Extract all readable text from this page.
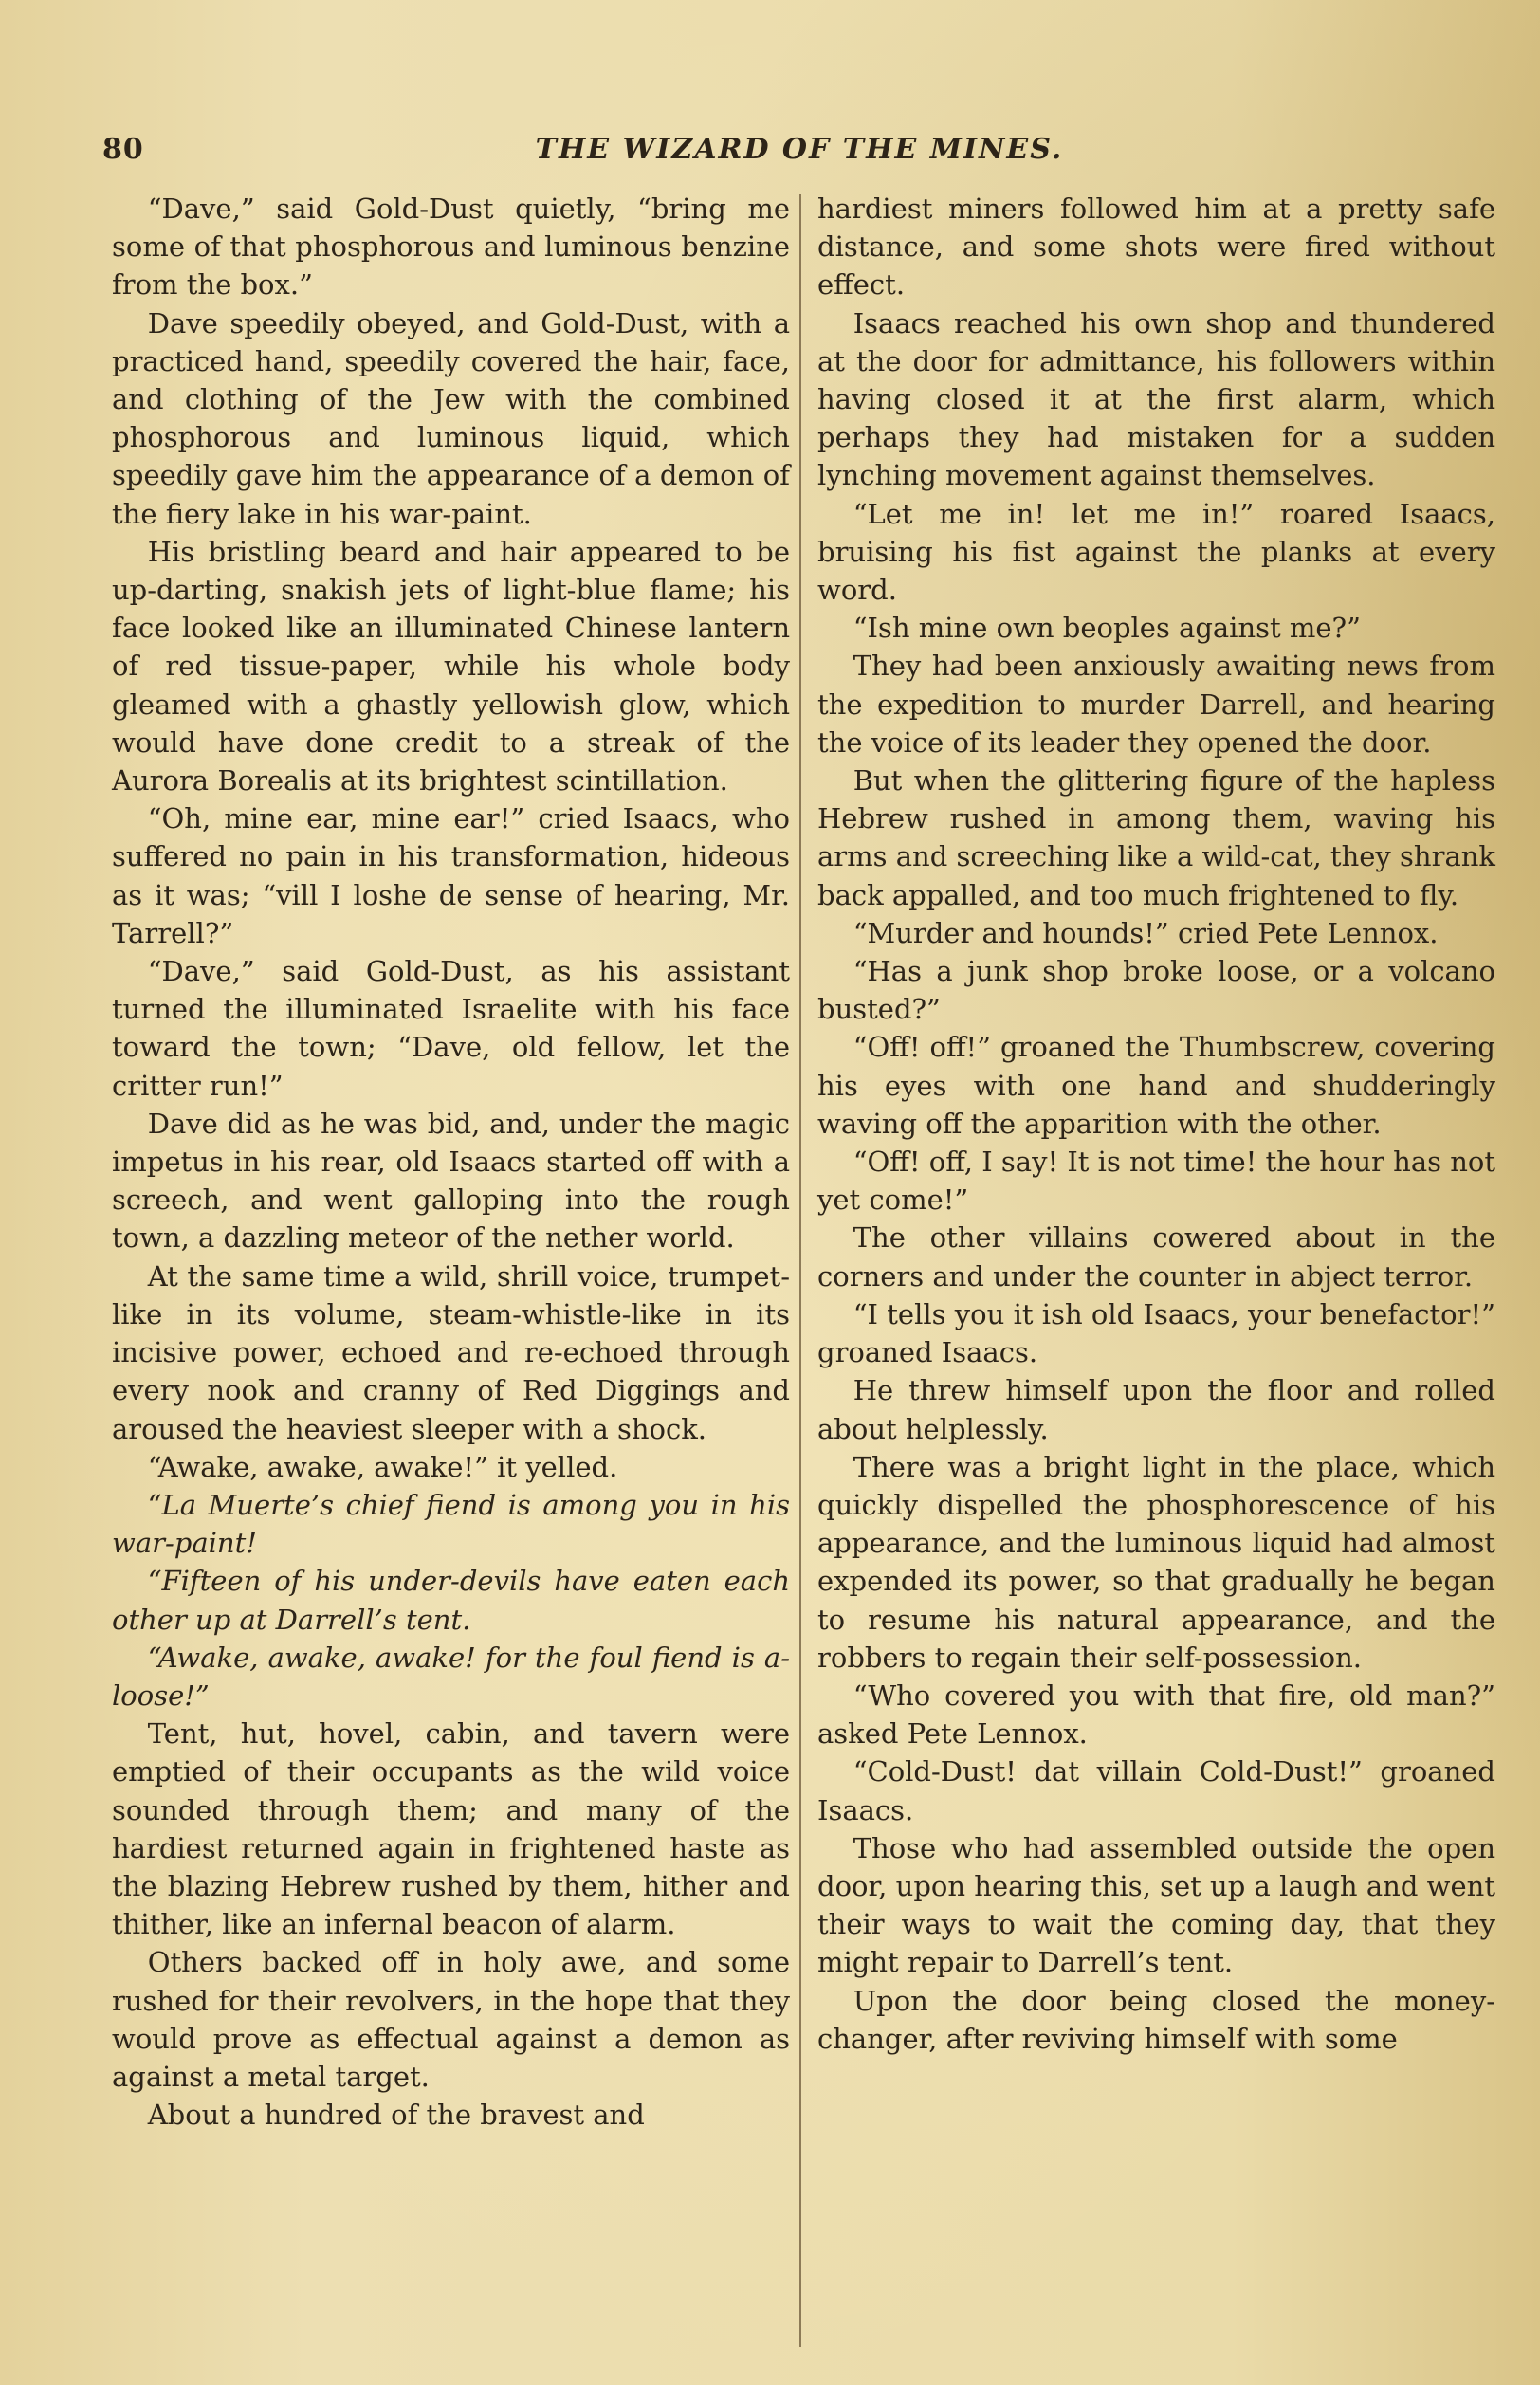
80	THE WIZARD OF THE MINES.

“Dave,” said Gold-Dust quietly, “bring me some of that phosphorous and luminous benzine from the box.”

Dave speedily obeyed, and Gold-Dust, with a practiced hand, speedily covered the hair, face, and clothing of the Jew with the combined phosphorous and luminous liquid, which speedily gave him the appearance of a demon of the fiery lake in his war-paint.

His bristling beard and hair appeared to be up-darting, snakish jets of light-blue flame; his face looked like an illuminated Chinese lantern of red tissue-paper, while his whole body gleamed with a ghastly yellowish glow, which would have done credit to a streak of the Aurora Borealis at its brightest scintillation.

“Oh, mine ear, mine ear!” cried Isaacs, who suffered no pain in his transformation, hideous as it was; “vill I loshe de sense of hearing, Mr. Tarrell?”

“Dave,” said Gold-Dust, as his assistant turned the illuminated Israelite with his face toward the town; “Dave, old fellow, let the critter run!”

Dave did as he was bid, and, under the magic impetus in his rear, old Isaacs started off with a screech, and went galloping into the rough town, a dazzling meteor of the nether world.

At the same time a wild, shrill voice, trumpet-like in its volume, steam-whistle-like in its incisive power, echoed and re-echoed through every nook and cranny of Red Diggings and aroused the heaviest sleeper with a shock.

“Awake, awake, awake!” it yelled.

“La Muerte’s chief fiend is among you in his war-paint!

“Fifteen of his under-devils have eaten each other up at Darrell’s tent.

“Awake, awake, awake! for the foul fiend is a-loose!”

Tent, hut, hovel, cabin, and tavern were emptied of their occupants as the wild voice sounded through them; and many of the hardiest returned again in frightened haste as the blazing Hebrew rushed by them, hither and thither, like an infernal beacon of alarm.

Others backed off in holy awe, and some rushed for their revolvers, in the hope that they would prove as effectual against a demon as against a metal target.

About a hundred of the bravest and

hardiest miners followed him at a pretty safe distance, and some shots were fired without effect.

Isaacs reached his own shop and thundered at the door for admittance, his followers within having closed it at the first alarm, which perhaps they had mistaken for a sudden lynching movement against themselves.

“Let me in! let me in!” roared Isaacs, bruising his fist against the planks at every word.

“Ish mine own beoples against me?”

They had been anxiously awaiting news from the expedition to murder Darrell, and hearing the voice of its leader they opened the door.

But when the glittering figure of the hapless Hebrew rushed in among them, waving his arms and screeching like a wild-cat, they shrank back appalled, and too much frightened to fly.

“Murder and hounds!” cried Pete Lennox.

“Has a junk shop broke loose, or a volcano busted?”

“Off! off!” groaned the Thumbscrew, covering his eyes with one hand and shudderingly waving off the apparition with the other.

“Off! off, I say! It is not time! the hour has not yet come!”

The other villains cowered about in the corners and under the counter in abject terror.

“I tells you it ish old Isaacs, your benefactor!” groaned Isaacs.

He threw himself upon the floor and rolled about helplessly.

There was a bright light in the place, which quickly dispelled the phosphorescence of his appearance, and the luminous liquid had almost expended its power, so that gradually he began to resume his natural appearance, and the robbers to regain their self-possession.

“Who covered you with that fire, old man?” asked Pete Lennox.

“Cold-Dust! dat villain Cold-Dust!” groaned Isaacs.

Those who had assembled outside the open door, upon hearing this, set up a laugh and went their ways to wait the coming day, that they might repair to Darrell’s tent.

Upon the door being closed the money-changer, after reviving himself with some
